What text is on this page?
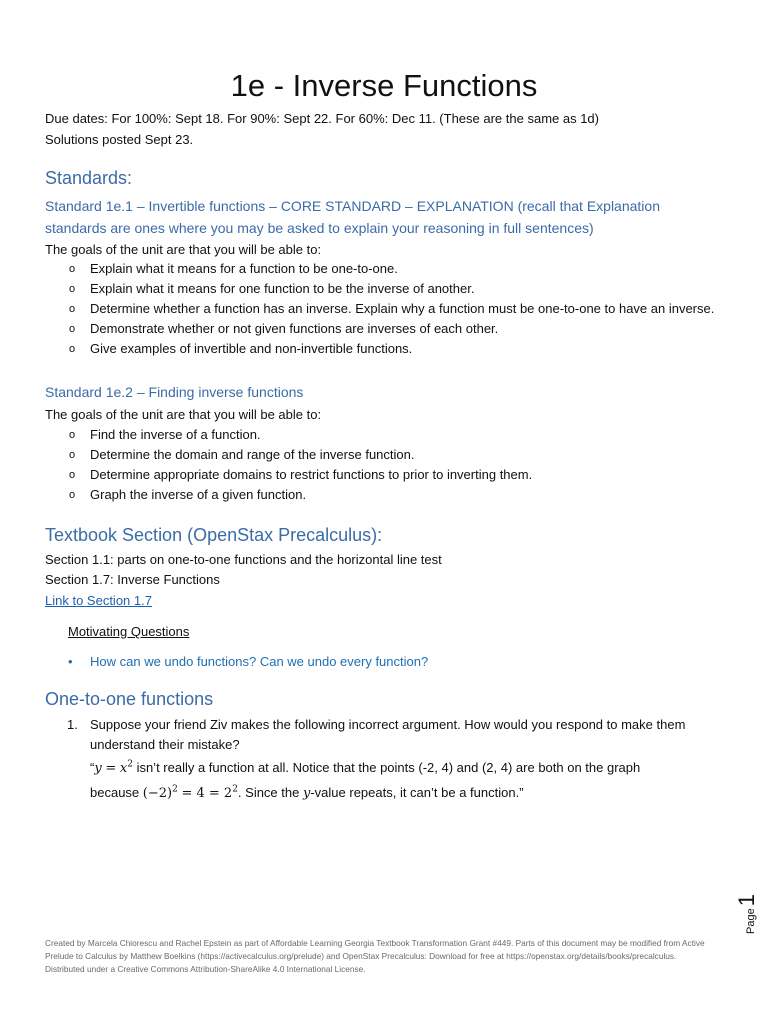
1e - Inverse Functions
Due dates: For 100%: Sept 18. For 90%: Sept 22. For 60%: Dec 11. (These are the same as 1d)
Solutions posted Sept 23.
Standards:
Standard 1e.1 – Invertible functions – CORE STANDARD – EXPLANATION (recall that Explanation standards are ones where you may be asked to explain your reasoning in full sentences)
The goals of the unit are that you will be able to:
o Explain what it means for a function to be one-to-one.
o Explain what it means for one function to be the inverse of another.
o Determine whether a function has an inverse. Explain why a function must be one-to-one to have an inverse.
o Demonstrate whether or not given functions are inverses of each other.
o Give examples of invertible and non-invertible functions.
Standard 1e.2 – Finding inverse functions
The goals of the unit are that you will be able to:
o Find the inverse of a function.
o Determine the domain and range of the inverse function.
o Determine appropriate domains to restrict functions to prior to inverting them.
o Graph the inverse of a given function.
Textbook Section (OpenStax Precalculus):
Section 1.1: parts on one-to-one functions and the horizontal line test
Section 1.7: Inverse Functions
Link to Section 1.7
Motivating Questions
• How can we undo functions? Can we undo every function?
One-to-one functions
1. Suppose your friend Ziv makes the following incorrect argument. How would you respond to make them understand their mistake?
“$y = x^2$ isn’t really a function at all. Notice that the points (-2, 4) and (2, 4) are both on the graph
because $(-2)^2 = 4 = 2^2$. Since the y-value repeats, it can’t be a function.”
Page1
Created by Marcela Chiorescu and Rachel Epstein as part of Affordable Learning Georgia Textbook Transformation Grant #449. Parts of this document may be modified from Active Prelude to Calculus by Matthew Boelkins (https://activecalculus.org/prelude) and OpenStax Precalculus: Download for free at https://openstax.org/details/books/precalculus. Distributed under a Creative Commons Attribution-ShareAlike 4.0 International License.
